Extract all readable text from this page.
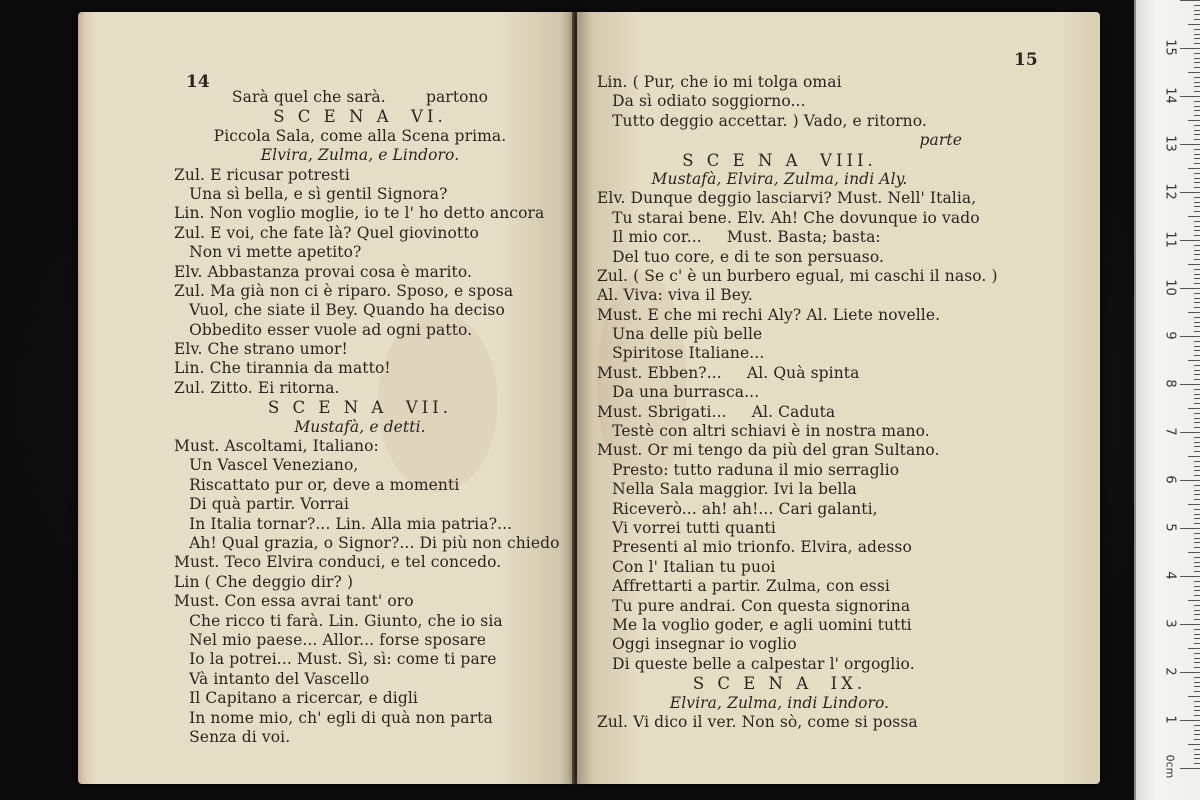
14
Sarà quel che sarà.        partono
S C E N A  VI.
Piccola Sala, come alla Scena prima.
Elvira, Zulma, e Lindoro.
Zul. E ricusar potresti
Una sì bella, e sì gentil Signora?
Lin. Non voglio moglie, io te l' ho detto ancora
Zul. E voi, che fate là? Quel giovinotto
Non vi mette apetito?
Elv. Abbastanza provai cosa è marito.
Zul. Ma già non ci è riparo. Sposo, e sposa
Vuol, che siate il Bey. Quando ha deciso
Obbedito esser vuole ad ogni patto.
Elv. Che strano umor!
Lin. Che tirannia da matto!
Zul. Zitto. Ei ritorna.
S C E N A  VII.
Mustafà, e detti.
Must. Ascoltami, Italiano:
Un Vascel Veneziano,
Riscattato pur or, deve a momenti
Di quà partir. Vorrai
In Italia tornar?... Lin. Alla mia patria?...
Ah! Qual grazia, o Signor?... Di più non chiedo
Must. Teco Elvira conduci, e tel concedo.
Lin ( Che deggio dir? )
Must. Con essa avrai tant' oro
Che ricco ti farà. Lin. Giunto, che io sia
Nel mio paese... Allor... forse sposare
Io la potrei... Must. Sì, sì: come ti pare
Và intanto del Vascello
Il Capitano a ricercar, e digli
In nome mio, ch' egli di quà non parta
Senza di voi.
15
Lin. ( Pur, che io mi tolga omai
Da sì odiato soggiorno...
Tutto deggio accettar. ) Vado, e ritorno.
parte
S C E N A  VIII.
Mustafà, Elvira, Zulma, indi Aly.
Elv. Dunque deggio lasciarvi? Must. Nell' Italia,
Tu starai bene. Elv. Ah! Che dovunque io vado
Il mio cor...     Must. Basta; basta:
Del tuo core, e di te son persuaso.
Zul. ( Se c' è un burbero egual, mi caschi il naso. )
Al. Viva: viva il Bey.
Must. E che mi rechi Aly? Al. Liete novelle.
Una delle più belle
Spiritose Italiane...
Must. Ebben?...     Al. Quà spinta
Da una burrasca...
Must. Sbrigati...     Al. Caduta
Testè con altri schiavi è in nostra mano.
Must. Or mi tengo da più del gran Sultano.
Presto: tutto raduna il mio serraglio
Nella Sala maggior. Ivi la bella
Riceverò... ah! ah!... Cari galanti,
Vi vorrei tutti quanti
Presenti al mio trionfo. Elvira, adesso
Con l' Italian tu puoi
Affrettarti a partir. Zulma, con essi
Tu pure andrai. Con questa signorina
Me la voglio goder, e agli uomini tutti
Oggi insegnar io voglio
Di queste belle a calpestar l' orgoglio.
S C E N A  IX.
Elvira, Zulma, indi Lindoro.
Zul. Vi dico il ver. Non sò, come si possa	1
2
3
4
5
6
7
8
9
10
11
12
13
14
15
0cm
